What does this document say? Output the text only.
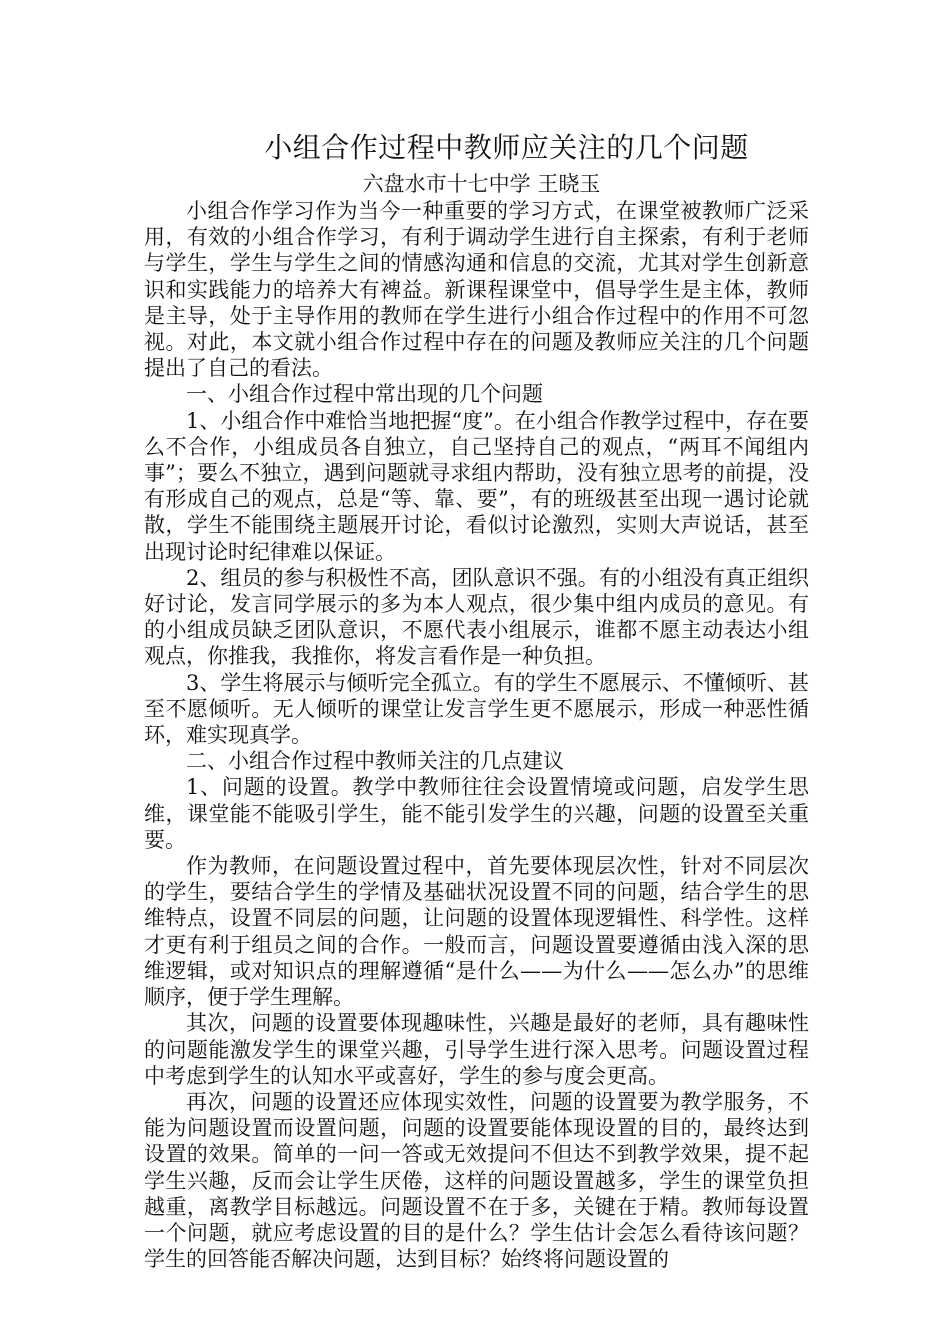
小组合作过程中教师应关注的几个问题

六盘水市十七中学 王晓玉

小组合作学习作为当今一种重要的学习方式，在课堂被教师广泛采用，有效的小组合作学习，有利于调动学生进行自主探索，有利于老师与学生，学生与学生之间的情感沟通和信息的交流，尤其对学生创新意识和实践能力的培养大有裨益。新课程课堂中，倡导学生是主体，教师是主导，处于主导作用的教师在学生进行小组合作过程中的作用不可忽视。对此，本文就小组合作过程中存在的问题及教师应关注的几个问题提出了自己的看法。

一、小组合作过程中常出现的几个问题

1、小组合作中难恰当地把握“度”。在小组合作教学过程中，存在要么不合作，小组成员各自独立，自己坚持自己的观点，“两耳不闻组内事”；要么不独立，遇到问题就寻求组内帮助，没有独立思考的前提，没有形成自己的观点，总是“等、靠、要”，有的班级甚至出现一遇讨论就散，学生不能围绕主题展开讨论，看似讨论激烈，实则大声说话，甚至出现讨论时纪律难以保证。

2、组员的参与积极性不高，团队意识不强。有的小组没有真正组织好讨论，发言同学展示的多为本人观点，很少集中组内成员的意见。有的小组成员缺乏团队意识，不愿代表小组展示，谁都不愿主动表达小组观点，你推我，我推你，将发言看作是一种负担。

3、学生将展示与倾听完全孤立。有的学生不愿展示、不懂倾听、甚至不愿倾听。无人倾听的课堂让发言学生更不愿展示，形成一种恶性循环，难实现真学。

二、小组合作过程中教师关注的几点建议

1、问题的设置。教学中教师往往会设置情境或问题，启发学生思维，课堂能不能吸引学生，能不能引发学生的兴趣，问题的设置至关重要。

作为教师，在问题设置过程中，首先要体现层次性，针对不同层次的学生，要结合学生的学情及基础状况设置不同的问题，结合学生的思维特点，设置不同层的问题，让问题的设置体现逻辑性、科学性。这样才更有利于组员之间的合作。一般而言，问题设置要遵循由浅入深的思维逻辑，或对知识点的理解遵循“是什么——为什么——怎么办”的思维顺序，便于学生理解。

其次，问题的设置要体现趣味性，兴趣是最好的老师，具有趣味性的问题能激发学生的课堂兴趣，引导学生进行深入思考。问题设置过程中考虑到学生的认知水平或喜好，学生的参与度会更高。

再次，问题的设置还应体现实效性，问题的设置要为教学服务，不能为问题设置而设置问题，问题的设置要能体现设置的目的，最终达到设置的效果。简单的一问一答或无效提问不但达不到教学效果，提不起学生兴趣，反而会让学生厌倦，这样的问题设置越多，学生的课堂负担越重，离教学目标越远。问题设置不在于多，关键在于精。教师每设置一个问题，就应考虑设置的目的是什么？学生估计会怎么看待该问题？学生的回答能否解决问题，达到目标？始终将问题设置的
